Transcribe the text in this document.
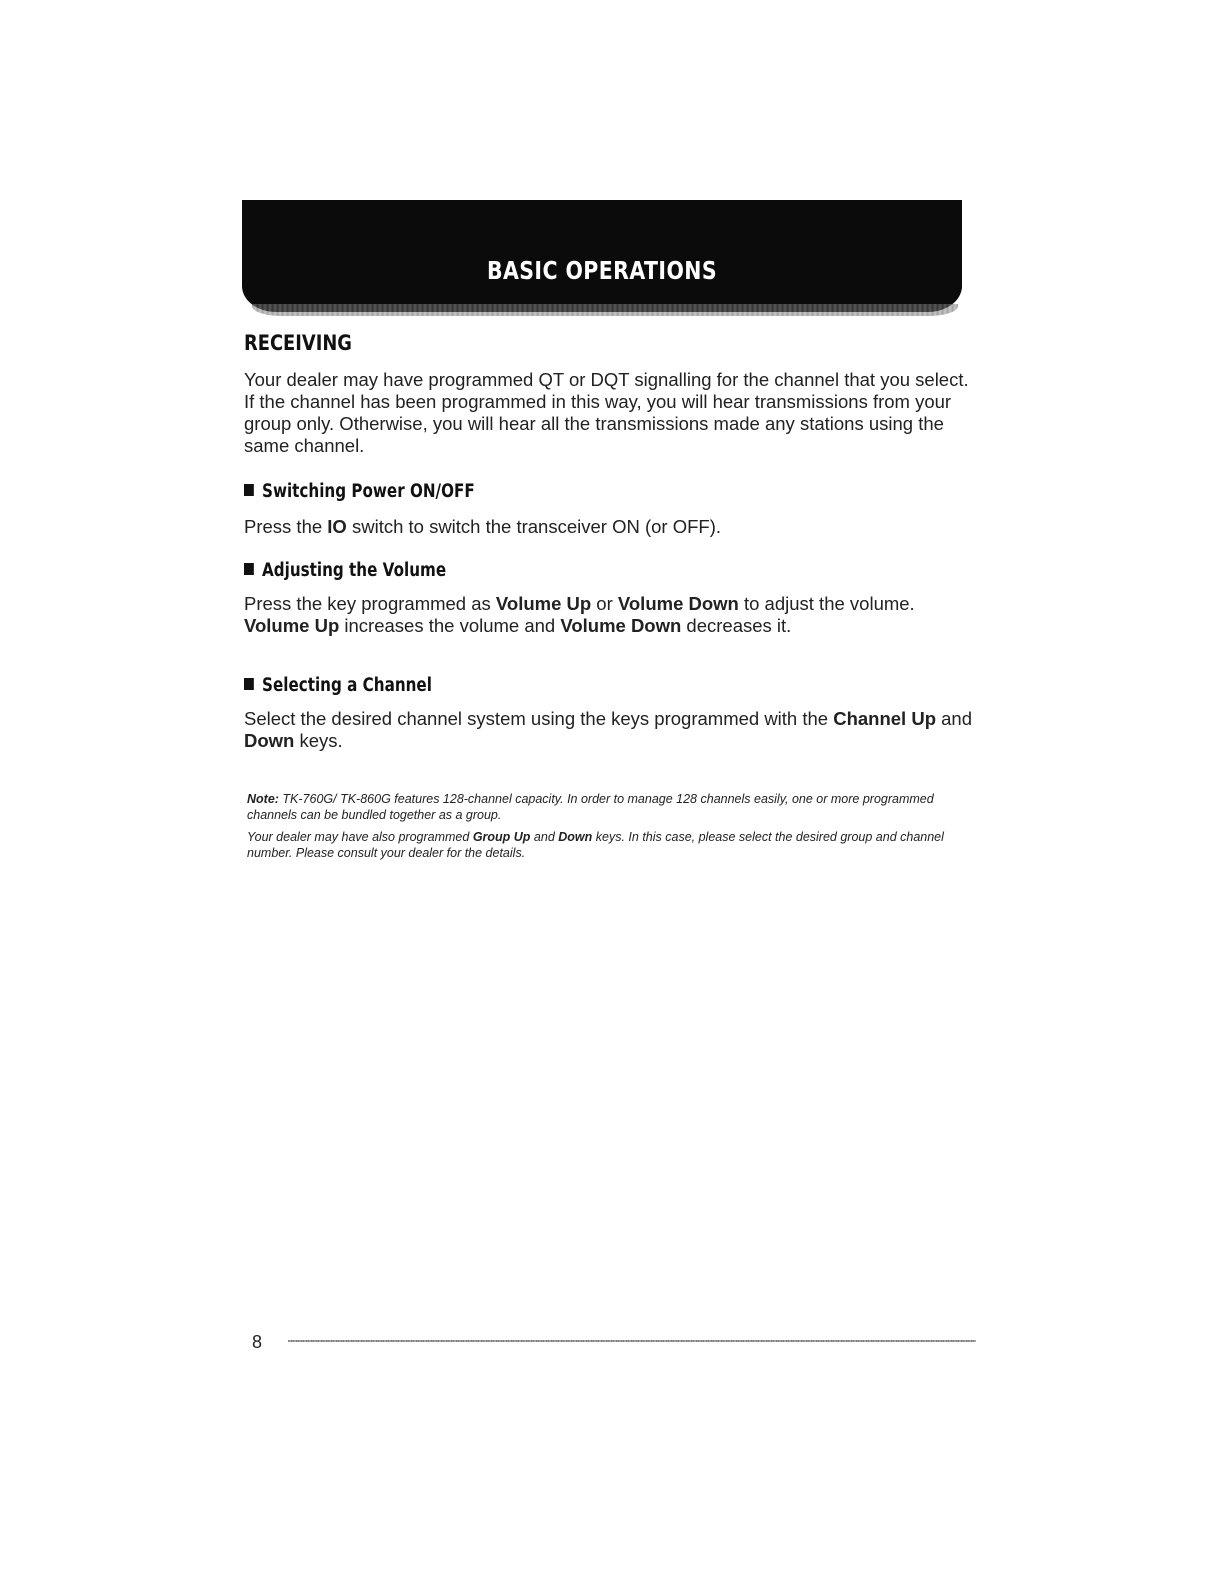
BASIC OPERATIONS
RECEIVING

Your dealer may have programmed QT or DQT signalling for the channel that you select. If the channel has been programmed in this way, you will hear transmissions from your group only. Otherwise, you will hear all the transmissions made any stations using the same channel.

Switching Power ON/OFF

Press the IO switch to switch the transceiver ON (or OFF).

Adjusting the Volume

Press the key programmed as Volume Up or Volume Down to adjust the volume. Volume Up increases the volume and Volume Down decreases it.

Selecting a Channel

Select the desired channel system using the keys programmed with the Channel Up and Down keys.

Note: TK-760G/ TK-860G features 128-channel capacity. In order to manage 128 channels easily, one or more programmed channels can be bundled together as a group.

Your dealer may have also programmed Group Up and Down keys. In this case, please select the desired group and channel number. Please consult your dealer for the details.

8
